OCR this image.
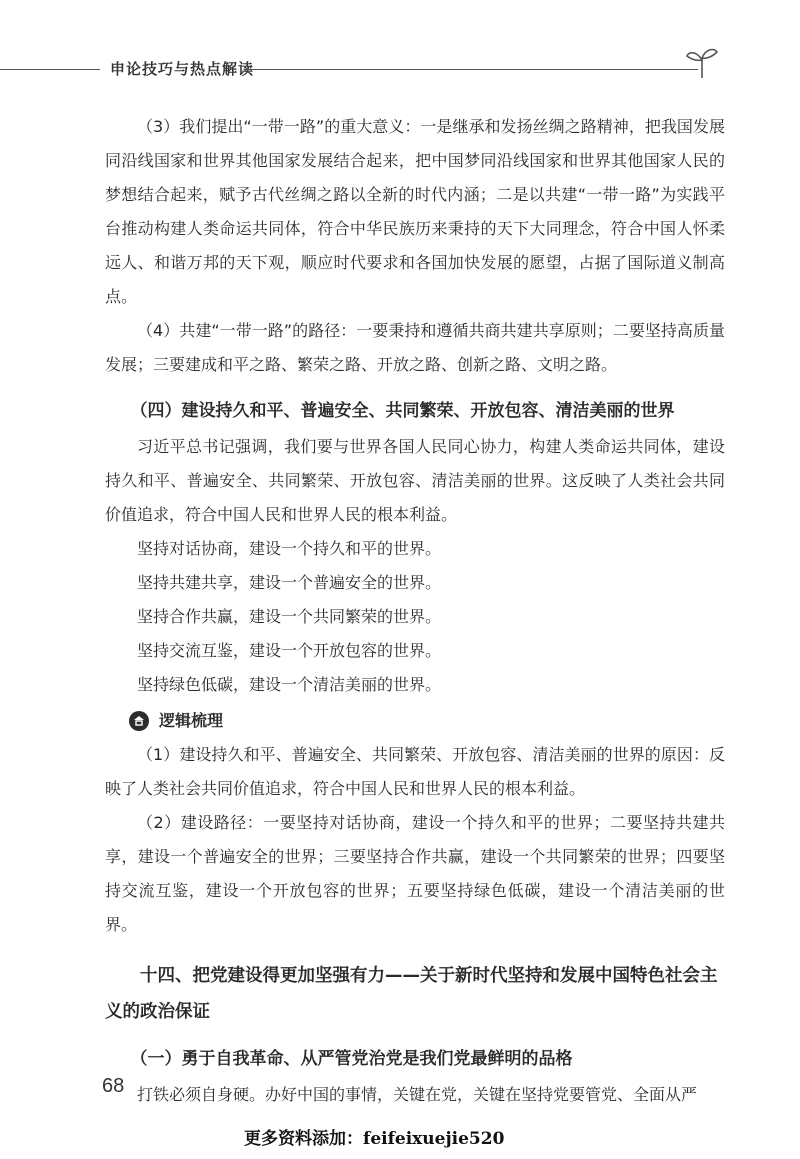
申论技巧与热点解读

（3）我们提出“一带一路”的重大意义：一是继承和发扬丝绸之路精神，把我国发展同沿线国家和世界其他国家发展结合起来，把中国梦同沿线国家和世界其他国家人民的梦想结合起来，赋予古代丝绸之路以全新的时代内涵；二是以共建“一带一路”为实践平台推动构建人类命运共同体，符合中华民族历来秉持的天下大同理念，符合中国人怀柔远人、和谐万邦的天下观，顺应时代要求和各国加快发展的愿望，占据了国际道义制高点。

（4）共建“一带一路”的路径：一要秉持和遵循共商共建共享原则；二要坚持高质量发展；三要建成和平之路、繁荣之路、开放之路、创新之路、文明之路。

（四）建设持久和平、普遍安全、共同繁荣、开放包容、清洁美丽的世界

习近平总书记强调，我们要与世界各国人民同心协力，构建人类命运共同体，建设持久和平、普遍安全、共同繁荣、开放包容、清洁美丽的世界。这反映了人类社会共同价值追求，符合中国人民和世界人民的根本利益。

坚持对话协商，建设一个持久和平的世界。

坚持共建共享，建设一个普遍安全的世界。

坚持合作共赢，建设一个共同繁荣的世界。

坚持交流互鉴，建设一个开放包容的世界。

坚持绿色低碳，建设一个清洁美丽的世界。

逻辑梳理

（1）建设持久和平、普遍安全、共同繁荣、开放包容、清洁美丽的世界的原因：反映了人类社会共同价值追求，符合中国人民和世界人民的根本利益。

（2）建设路径：一要坚持对话协商，建设一个持久和平的世界；二要坚持共建共享，建设一个普遍安全的世界；三要坚持合作共赢，建设一个共同繁荣的世界；四要坚持交流互鉴，建设一个开放包容的世界；五要坚持绿色低碳，建设一个清洁美丽的世界。

十四、把党建设得更加坚强有力——关于新时代坚持和发展中国特色社会主义的政治保证

（一）勇于自我革命、从严管党治党是我们党最鲜明的品格

打铁必须自身硬。办好中国的事情，关键在党，关键在坚持党要管党、全面从严

68
更多资料添加：feifeixuejie520
